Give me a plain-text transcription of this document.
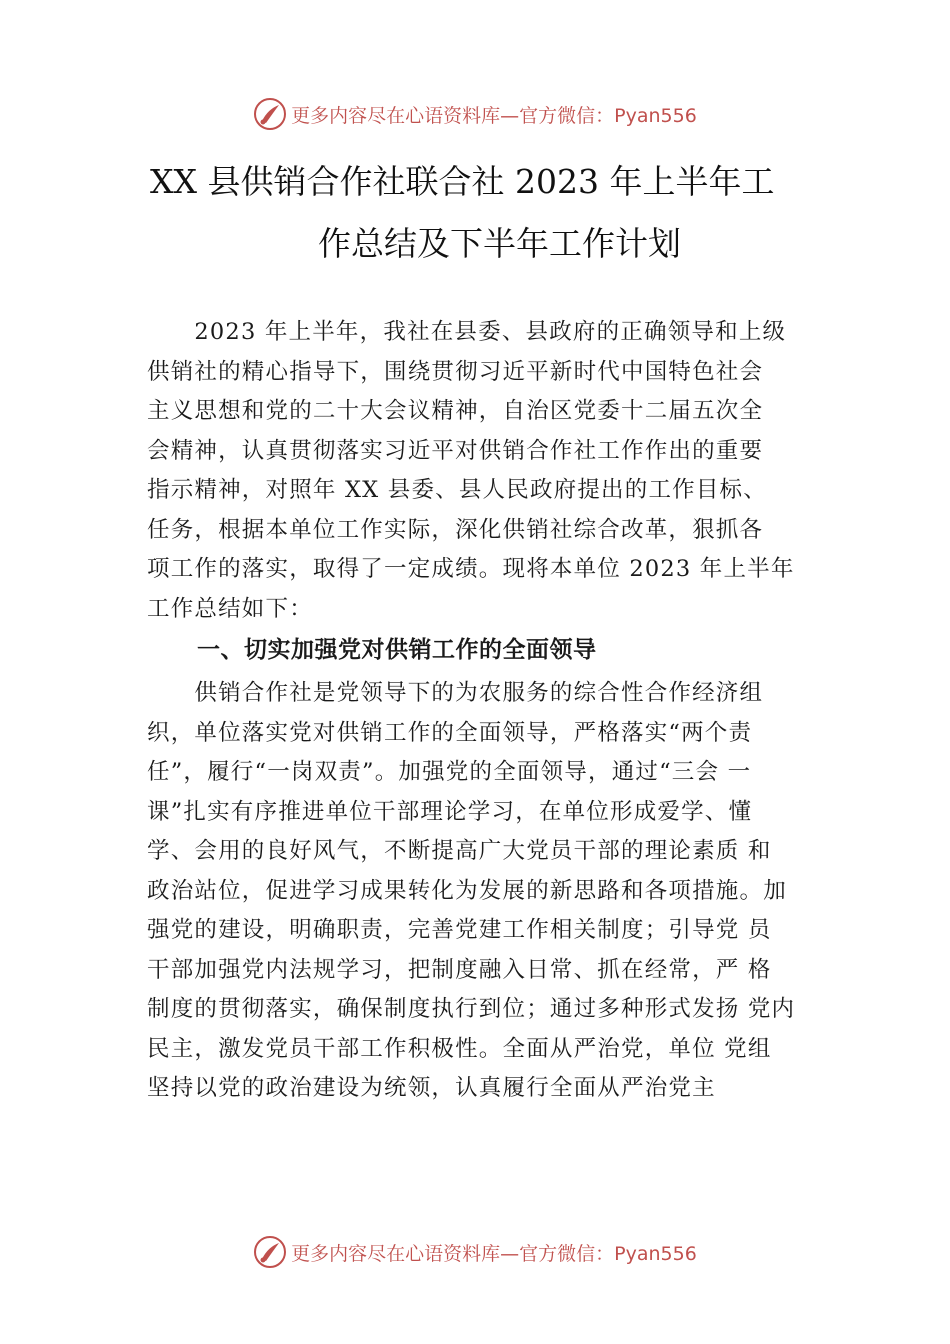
更多内容尽在心语资料库—官方微信：Pyan556
XX 县供销合作社联合社 2023 年上半年工
作总结及下半年工作计划
　　2023 年上半年，我社在县委、县政府的正确领导和上级
供销社的精心指导下，围绕贯彻习近平新时代中国特色社会
主义思想和党的二十大会议精神，自治区党委十二届五次全
会精神，认真贯彻落实习近平对供销合作社工作作出的重要
指示精神，对照年 XX 县委、县人民政府提出的工作目标、
任务，根据本单位工作实际，深化供销社综合改革，狠抓各
项工作的落实，取得了一定成绩。现将本单位 2023 年上半年
工作总结如下：
一、切实加强党对供销工作的全面领导
　　供销合作社是党领导下的为农服务的综合性合作经济组
织，单位落实党对供销工作的全面领导，严格落实“两个责
任”，履行“一岗双责”。加强党的全面领导，通过“三会 一
课”扎实有序推进单位干部理论学习，在单位形成爱学、懂
学、会用的良好风气，不断提高广大党员干部的理论素质 和
政治站位，促进学习成果转化为发展的新思路和各项措施。加
强党的建设，明确职责，完善党建工作相关制度；引导党 员
干部加强党内法规学习，把制度融入日常、抓在经常，严 格
制度的贯彻落实，确保制度执行到位；通过多种形式发扬 党内
民主，激发党员干部工作积极性。全面从严治党，单位 党组
坚持以党的政治建设为统领，认真履行全面从严治党主
更多内容尽在心语资料库—官方微信：Pyan556
